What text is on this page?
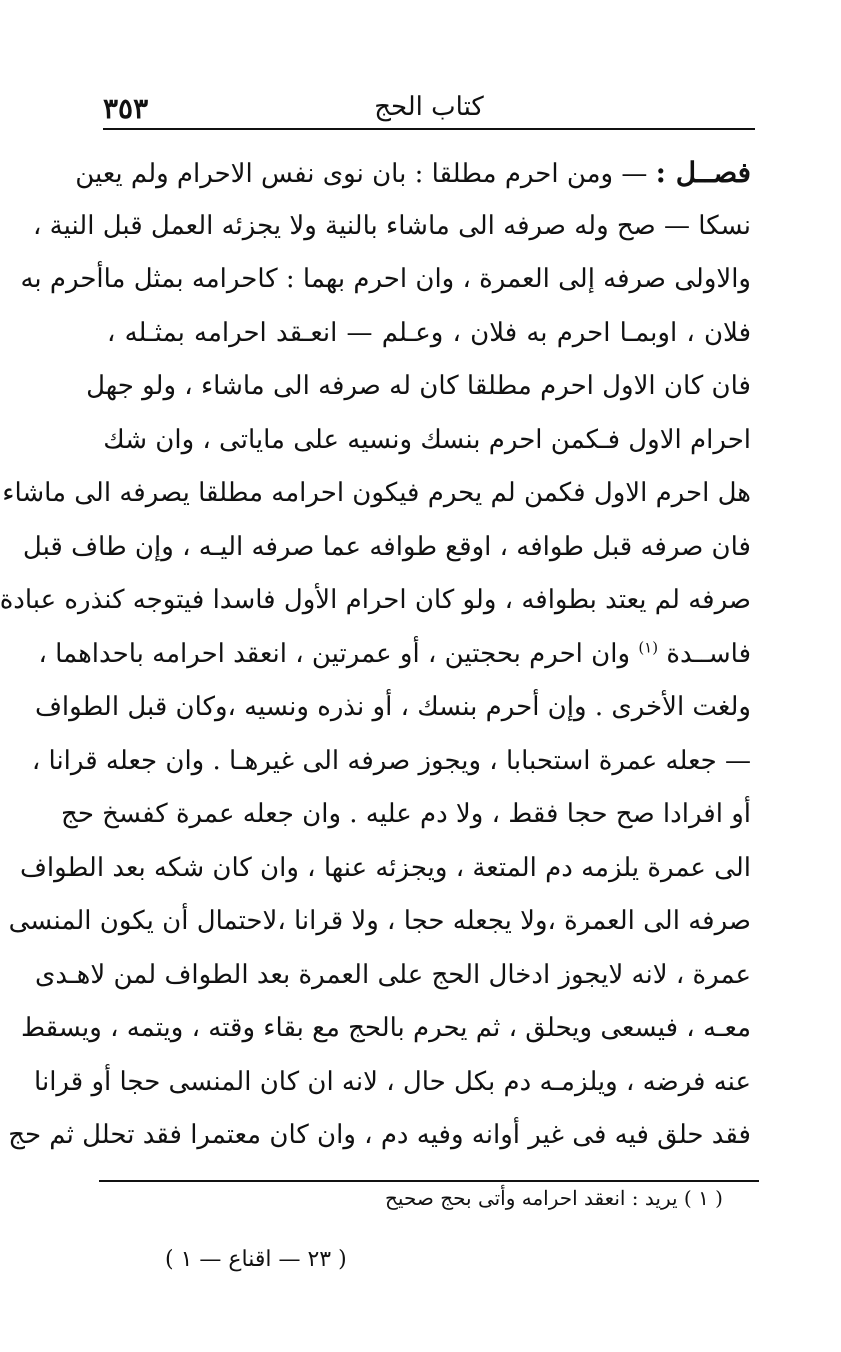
٣٥٣	كتاب الحج
فصــل : — ومن احرم مطلقا : بان نوى نفس الاحرام ولم يعين
نسكا — صح وله صرفه الى ماشاء بالنية ولا يجزئه العمل قبل النية ،
والاولى صرفه إلى العمرة ، وان احرم بهما : كاحرامه بمثل ماأحرم به
فلان ، اوبمـا احرم به فلان ، وعـلم — انعـقد احرامه بمثـله ،
فان كان الاول احرم مطلقا كان له صرفه الى ماشاء ، ولو جهل
احرام الاول فـكمن احرم بنسك ونسيه على ماياتى ، وان شك
هل احرم الاول فكمن لم يحرم فيكون احرامه مطلقا يصرفه الى ماشاء
فان صرفه قبل طوافه ، اوقع طوافه عما صرفه اليـه ، وإن طاف قبل
صرفه لم يعتد بطوافه ، ولو كان احرام الأول فاسدا فيتوجه كنذره عبادة
فاســدة $^{(١)}$ وان احرم بحجتين ، أو عمرتين ، انعقد احرامه باحداهما ،
ولغت الأخرى . وإن أحرم بنسك ، أو نذره ونسيه ،وكان قبل الطواف
— جعله عمرة استحبابا ، ويجوز صرفه الى غيرهـا . وان جعله قرانا ،
أو افرادا صح حجا فقط ، ولا دم عليه . وان جعله عمرة كفسخ حج
الى عمرة يلزمه دم المتعة ، ويجزئه عنها ، وان كان شكه بعد الطواف
صرفه الى العمرة ،ولا يجعله حجا ، ولا قرانا ،لاحتمال أن يكون المنسى
عمرة ، لانه لايجوز ادخال الحج على العمرة بعد الطواف لمن لاهـدى
معـه ، فيسعى ويحلق ، ثم يحرم بالحج مع بقاء وقته ، ويتمه ، ويسقط
عنه فرضه ، ويلزمـه دم بكل حال ، لانه ان كان المنسى حجا أو قرانا
فقد حلق فيه فى غير أوانه وفيه دم ، وان كان معتمرا فقد تحلل ثم حج
( ١ ) يريد : انعقد احرامه وأتى بحج صحيح
( ٢٣ — اقناع — ١ )
